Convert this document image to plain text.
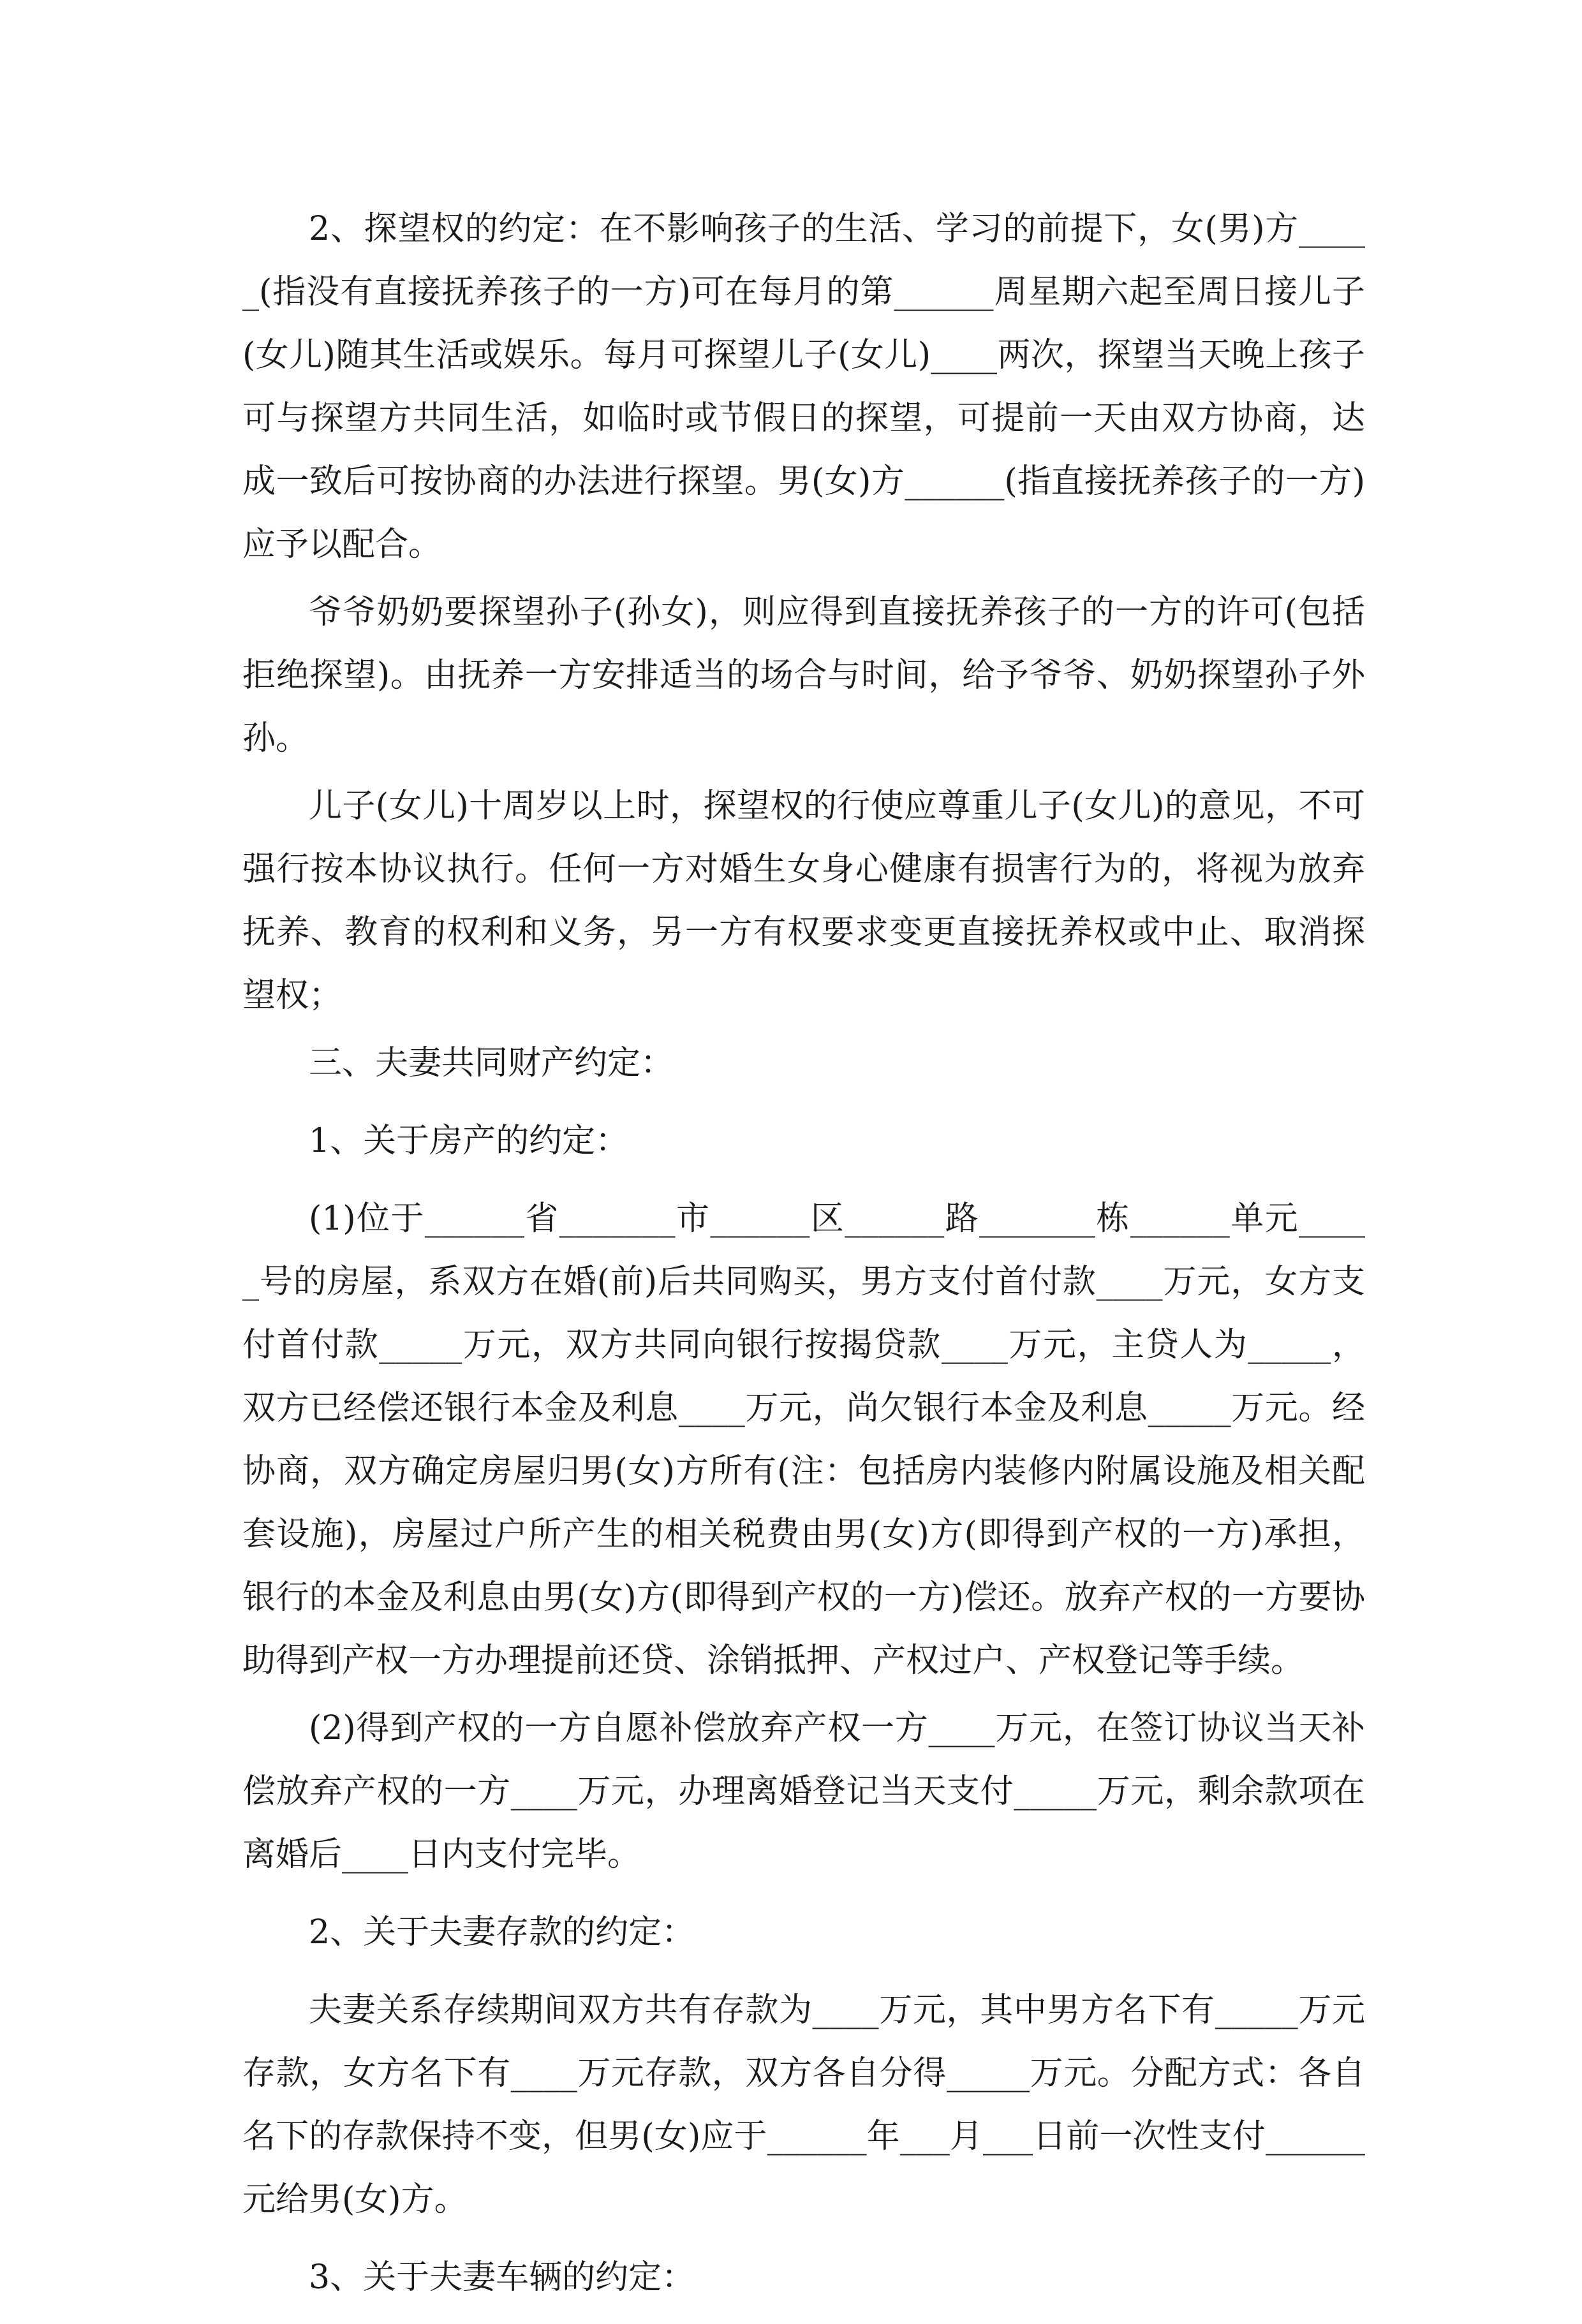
2、探望权的约定：在不影响孩子的生活、学习的前提下，女(男)方_____(指没有直接抚养孩子的一方)可在每月的第______周星期六起至周日接儿子(女儿)随其生活或娱乐。每月可探望儿子(女儿)____两次，探望当天晚上孩子可与探望方共同生活，如临时或节假日的探望，可提前一天由双方协商，达成一致后可按协商的办法进行探望。男(女)方______(指直接抚养孩子的一方)应予以配合。

爷爷奶奶要探望孙子(孙女)，则应得到直接抚养孩子的一方的许可(包括拒绝探望)。由抚养一方安排适当的场合与时间，给予爷爷、奶奶探望孙子外孙。

儿子(女儿)十周岁以上时，探望权的行使应尊重儿子(女儿)的意见，不可强行按本协议执行。任何一方对婚生女身心健康有损害行为的，将视为放弃抚养、教育的权利和义务，另一方有权要求变更直接抚养权或中止、取消探望权；

三、夫妻共同财产约定：

1、关于房产的约定：

(1)位于______省_______市______区______路_______栋______单元_____号的房屋，系双方在婚(前)后共同购买，男方支付首付款____万元，女方支付首付款_____万元，双方共同向银行按揭贷款____万元，主贷人为_____，双方已经偿还银行本金及利息____万元，尚欠银行本金及利息_____万元。经协商，双方确定房屋归男(女)方所有(注：包括房内装修内附属设施及相关配套设施)，房屋过户所产生的相关税费由男(女)方(即得到产权的一方)承担，银行的本金及利息由男(女)方(即得到产权的一方)偿还。放弃产权的一方要协助得到产权一方办理提前还贷、涂销抵押、产权过户、产权登记等手续。

(2)得到产权的一方自愿补偿放弃产权一方____万元，在签订协议当天补偿放弃产权的一方____万元，办理离婚登记当天支付_____万元，剩余款项在离婚后____日内支付完毕。

2、关于夫妻存款的约定：

夫妻关系存续期间双方共有存款为____万元，其中男方名下有_____万元存款，女方名下有____万元存款，双方各自分得_____万元。分配方式：各自名下的存款保持不变，但男(女)应于______年___月___日前一次性支付______元给男(女)方。

3、关于夫妻车辆的约定：
